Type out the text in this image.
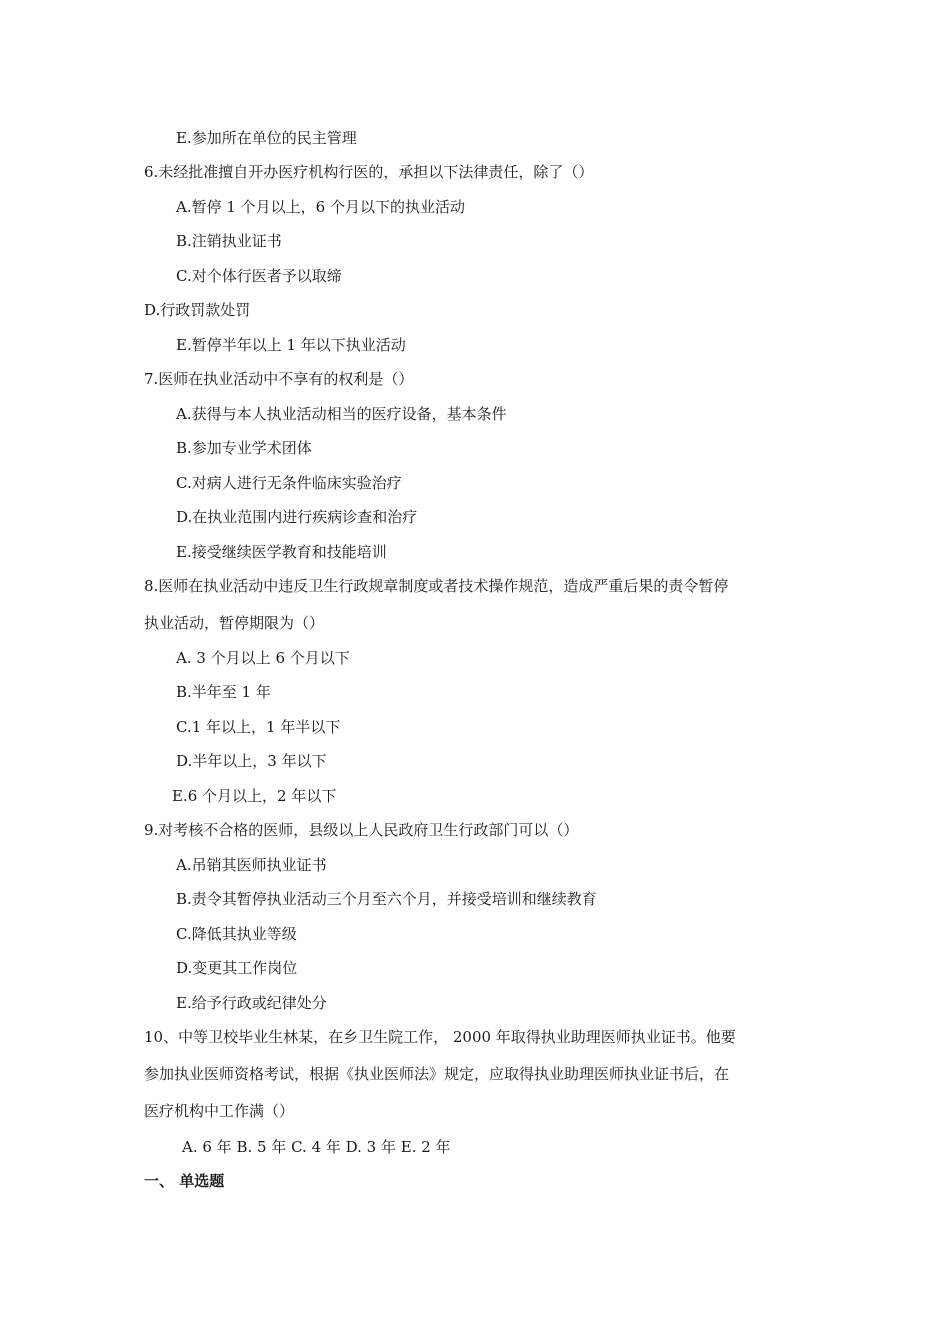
E.参加所在单位的民主管理
6.未经批准擅自开办医疗机构行医的，承担以下法律责任，除了（）
A.暂停 1 个月以上，6 个月以下的执业活动
B.注销执业证书
C.对个体行医者予以取缔
D.行政罚款处罚
E.暂停半年以上 1 年以下执业活动
7.医师在执业活动中不享有的权利是（）
A.获得与本人执业活动相当的医疗设备，基本条件
B.参加专业学术团体
C.对病人进行无条件临床实验治疗
D.在执业范围内进行疾病诊查和治疗
E.接受继续医学教育和技能培训
8.医师在执业活动中违反卫生行政规章制度或者技术操作规范，造成严重后果的责令暂停
执业活动，暂停期限为（）
A. 3 个月以上 6 个月以下
B.半年至 1 年
C.1 年以上，1 年半以下
D.半年以上，3 年以下
E.6 个月以上，2 年以下
9.对考核不合格的医师，县级以上人民政府卫生行政部门可以（）
A.吊销其医师执业证书
B.责令其暂停执业活动三个月至六个月，并接受培训和继续教育
C.降低其执业等级
D.变更其工作岗位
E.给予行政或纪律处分
10、中等卫校毕业生林某，在乡卫生院工作， 2000 年取得执业助理医师执业证书。他要
参加执业医师资格考试，根据《执业医师法》规定，应取得执业助理医师执业证书后，在
医疗机构中工作满（）
A. 6 年 B. 5 年 C. 4 年 D. 3 年 E. 2 年
一、 单选题
